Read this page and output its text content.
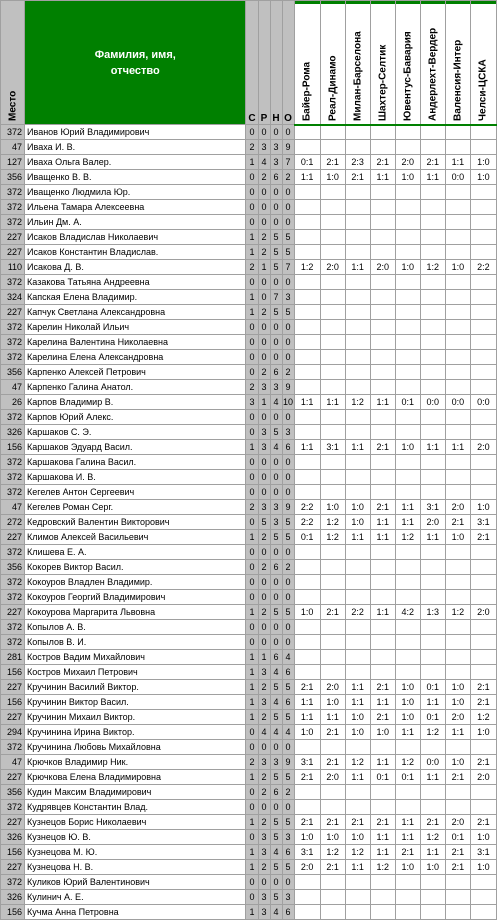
Место	Фамилия, имя, отчество	С	Р	Н	О	Байер-Рома	Реал-Динамо	Милан-Барселона	Шахтер-Селтик	Ювентус-Бавария	Андерлехт-Вердер	Валенсия-Интер	Челси-ЦСКА

372	Иванов Юрий Владимирович	0	0	0	0								
47	Иваха И. В.	2	3	3	9								
127	Иваха Ольга Валер.	1	4	3	7	0:1	2:1	2:3	2:1	2:0	2:1	1:1	1:0
356	Иващенко В. В.	0	2	6	2	1:1	1:0	2:1	1:1	1:0	1:1	0:0	1:0
372	Иващенко Людмила Юр.	0	0	0	0								
372	Ильена Тамара Алексеевна	0	0	0	0								
372	Ильин Дм. А.	0	0	0	0								
227	Исаков Владислав Николаевич	1	2	5	5								
227	Исаков Константин Владислав.	1	2	5	5								
110	Исакова Д. В.	2	1	5	7	1:2	2:0	1:1	2:0	1:0	1:2	1:0	2:2
372	Казакова Татьяна Андреевна	0	0	0	0								
324	Капская Елена Владимир.	1	0	7	3								
227	Капчук Светлана Александровна	1	2	5	5								
372	Карелин Николай Ильич	0	0	0	0								
372	Карелина Валентина Николаевна	0	0	0	0								
372	Карелина Елена Александровна	0	0	0	0								
356	Карпенко Алексей Петрович	0	2	6	2								
47	Карпенко Галина Анатол.	2	3	3	9								
26	Карпов Владимир В.	3	1	4	10	1:1	1:1	1:2	1:1	0:1	0:0	0:0	0:0
372	Карпов Юрий Алекс.	0	0	0	0								
326	Каршаков С. Э.	0	3	5	3								
156	Каршаков Эдуард Васил.	1	3	4	6	1:1	3:1	1:1	2:1	1:0	1:1	1:1	2:0
372	Каршакова Галина Васил.	0	0	0	0								
372	Каршакова И. В.	0	0	0	0								
372	Кегелев Антон Сергеевич	0	0	0	0								
47	Кегелев Роман Серг.	2	3	3	9	2:2	1:0	1:0	2:1	1:1	3:1	2:0	1:0
272	Кедровский Валентин Викторович	0	5	3	5	2:2	1:2	1:0	1:1	1:1	2:0	2:1	3:1
227	Климов Алексей Васильевич	1	2	5	5	0:1	1:2	1:1	1:1	1:2	1:1	1:0	2:1
372	Клишева Е. А.	0	0	0	0								
356	Кокорев Виктор Васил.	0	2	6	2								
372	Кокоуров Владлен Владимир.	0	0	0	0								
372	Кокоуров Георгий Владимирович	0	0	0	0								
227	Кокоурова Маргарита Львовна	1	2	5	5	1:0	2:1	2:2	1:1	4:2	1:3	1:2	2:0
372	Копылов А. В.	0	0	0	0								
372	Копылов В. И.	0	0	0	0								
281	Костров Вадим Михайлович	1	1	6	4								
156	Костров Михаил Петрович	1	3	4	6								
227	Кручинин Василий Виктор.	1	2	5	5	2:1	2:0	1:1	2:1	1:0	0:1	1:0	2:1
156	Кручинин Виктор Васил.	1	3	4	6	1:1	1:0	1:1	1:1	1:0	1:1	1:0	2:1
227	Кручинин Михаил Виктор.	1	2	5	5	1:1	1:1	1:0	2:1	1:0	0:1	2:0	1:2
294	Кручинина Ирина Виктор.	0	4	4	4	1:0	2:1	1:0	1:0	1:1	1:2	1:1	1:0
372	Кручинина Любовь Михайловна	0	0	0	0								
47	Крючков Владимир Ник.	2	3	3	9	3:1	2:1	1:2	1:1	1:2	0:0	1:0	2:1
227	Крючкова Елена Владимировна	1	2	5	5	2:1	2:0	1:1	0:1	0:1	1:1	2:1	2:0
356	Кудин Максим Владимирович	0	2	6	2								
372	Кудрявцев Константин Влад.	0	0	0	0								
227	Кузнецов Борис Николаевич	1	2	5	5	2:1	2:1	2:1	2:1	1:1	2:1	2:0	2:1
326	Кузнецов Ю. В.	0	3	5	3	1:0	1:0	1:0	1:1	1:1	1:2	0:1	1:0
156	Кузнецова М. Ю.	1	3	4	6	3:1	1:2	1:2	1:1	2:1	1:1	2:1	3:1
227	Кузнецова Н. В.	1	2	5	5	2:0	2:1	1:1	1:2	1:0	1:0	2:1	1:0
372	Куликов Юрий Валентинович	0	0	0	0								
326	Кулинич А. Е.	0	3	5	3								
156	Кучма Анна Петровна	1	3	4	6								
